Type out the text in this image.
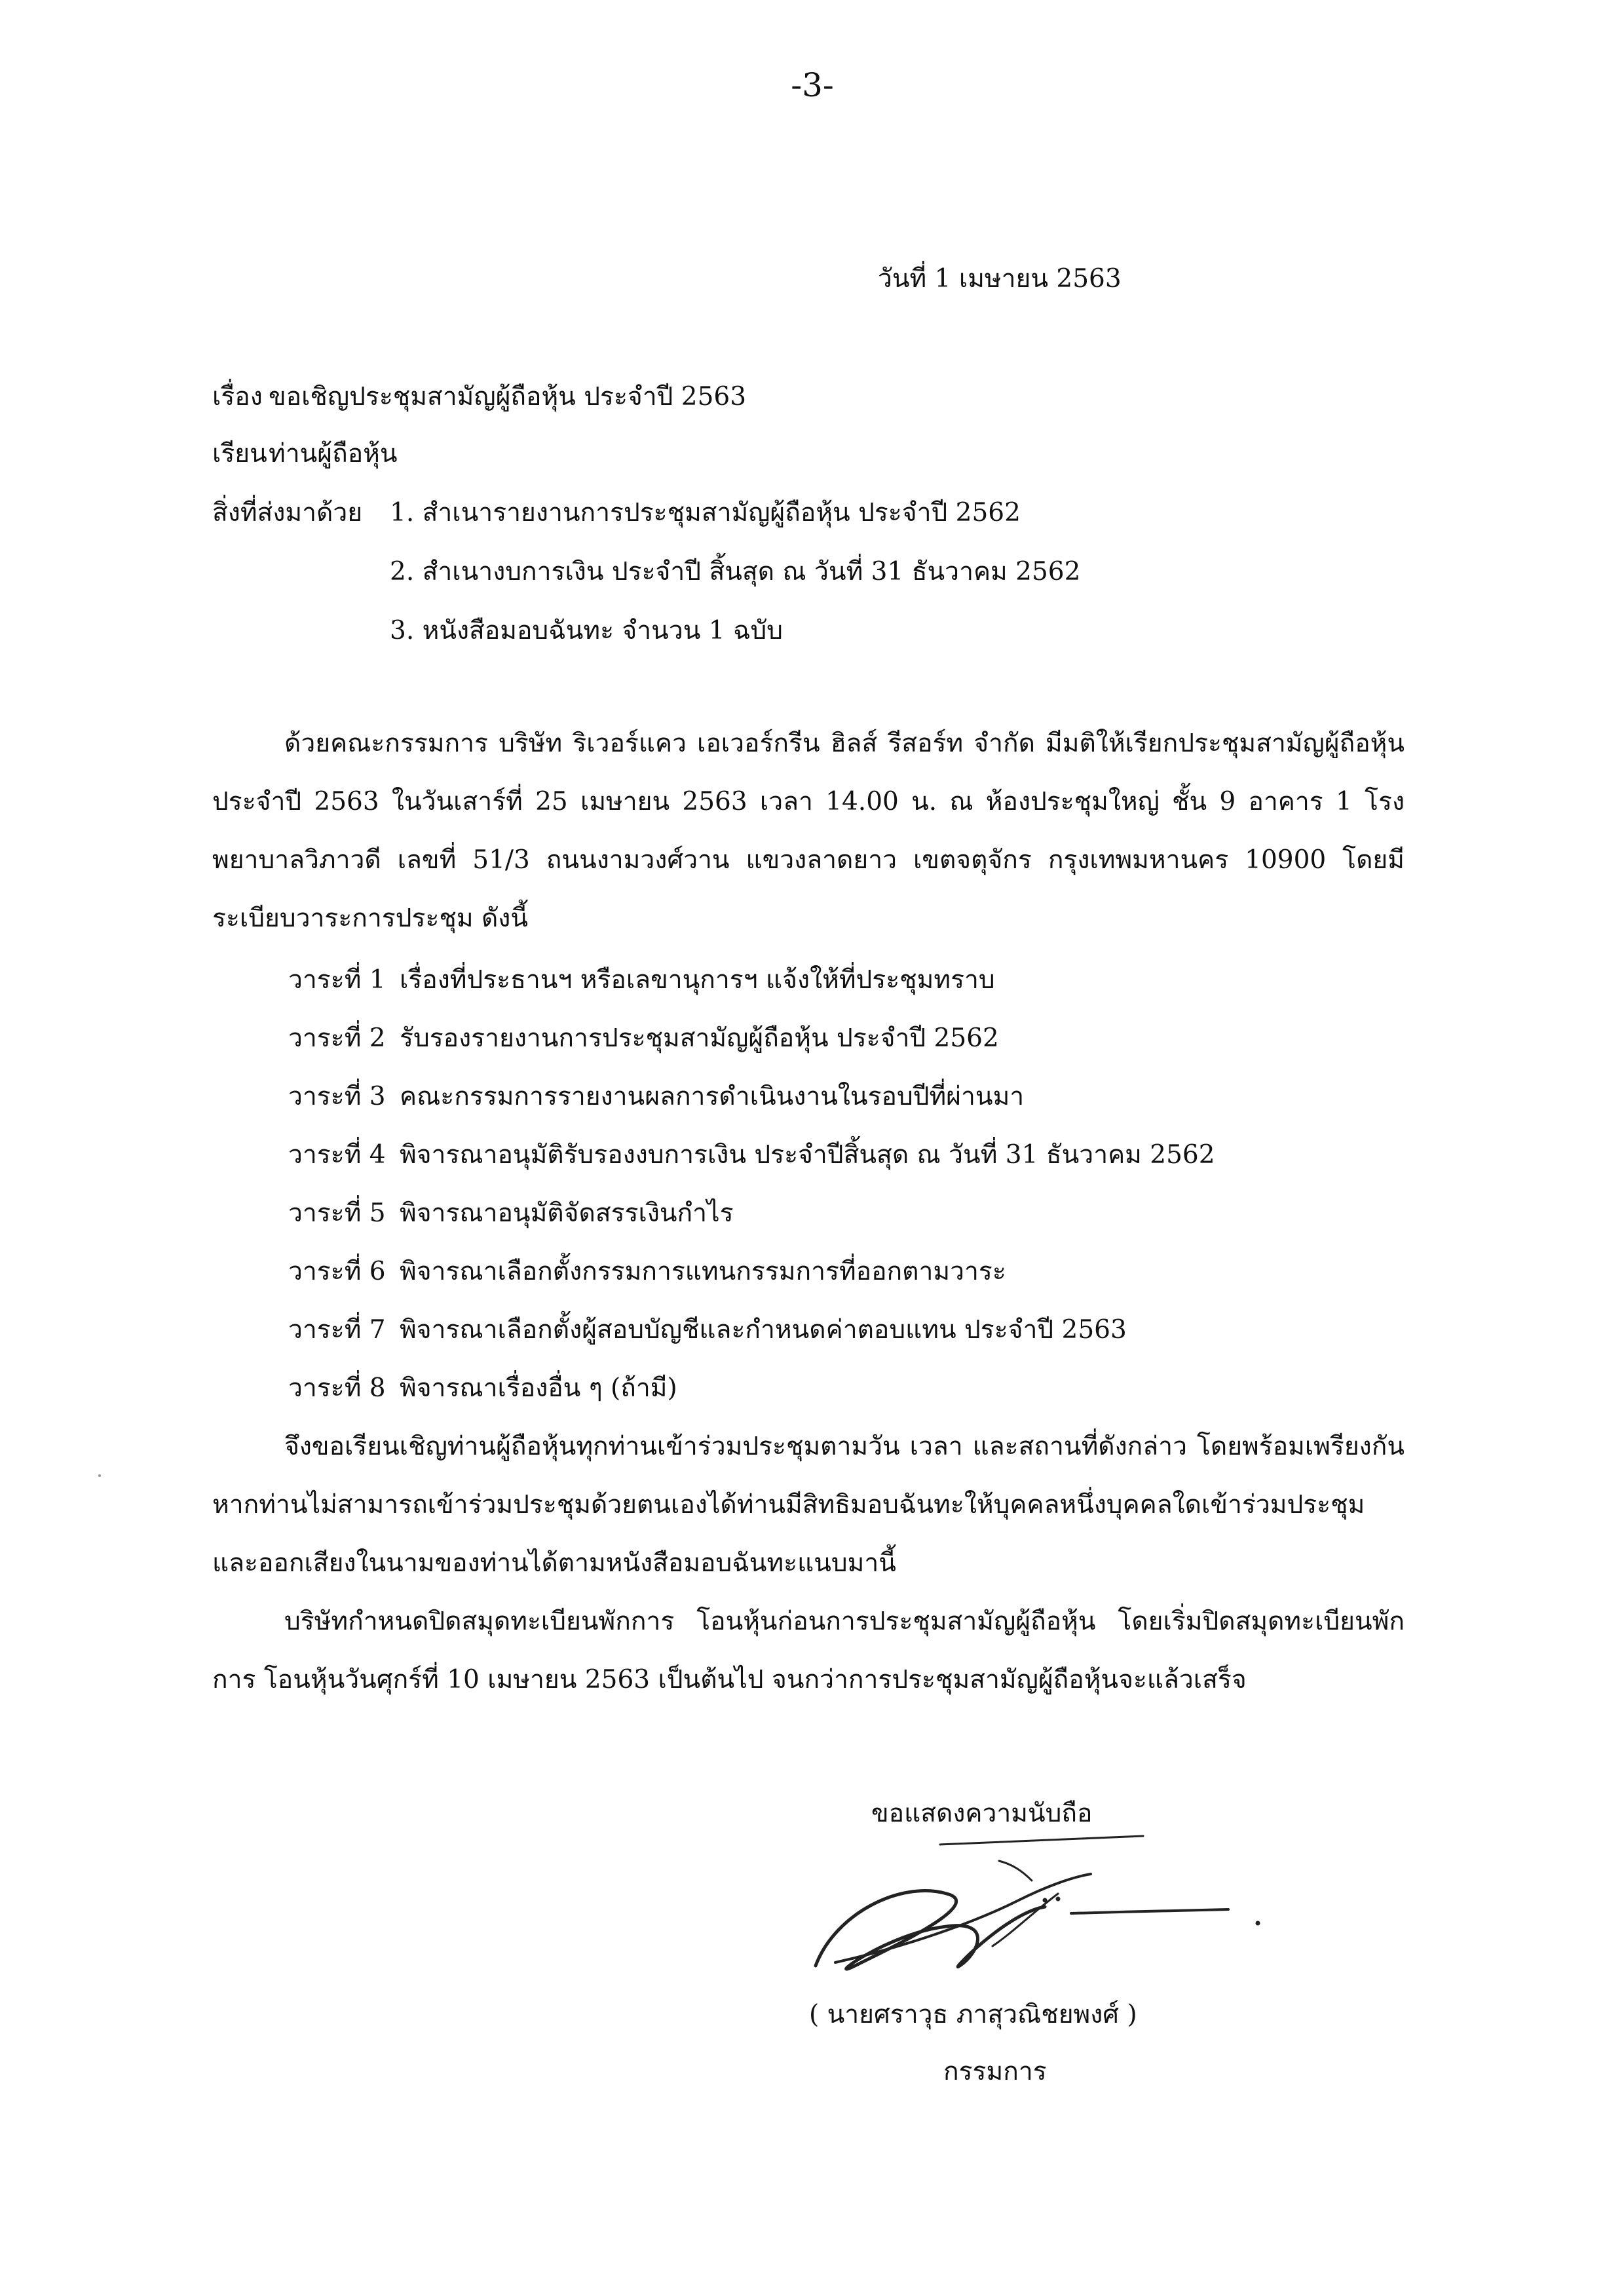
-3-
วันที่ 1 เมษายน 2563
เรื่อง ขอเชิญประชุมสามัญผู้ถือหุ้น ประจำปี 2563
เรียน ท่านผู้ถือหุ้น
สิ่งที่ส่งมาด้วย 1. สำเนารายงานการประชุมสามัญผู้ถือหุ้น ประจำปี 2562
2. สำเนางบการเงิน ประจำปี สิ้นสุด ณ วันที่ 31 ธันวาคม 2562
3. หนังสือมอบฉันทะ จำนวน 1 ฉบับ

ด้วยคณะกรรมการ บริษัท ริเวอร์แคว เอเวอร์กรีน ฮิลส์ รีสอร์ท จำกัด มีมติให้เรียกประชุมสามัญผู้ถือหุ้นประจำปี 2563 ในวันเสาร์ที่ 25 เมษายน 2563 เวลา 14.00 น. ณ ห้องประชุมใหญ่ ชั้น 9 อาคาร 1 โรงพยาบาลวิภาวดี เลขที่ 51/3 ถนนงามวงศ์วาน แขวงลาดยาว เขตจตุจักร กรุงเทพมหานคร 10900 โดยมีระเบียบวาระการประชุม ดังนี้

วาระที่ 1 เรื่องที่ประธานฯ หรือเลขานุการฯ แจ้งให้ที่ประชุมทราบ
วาระที่ 2 รับรองรายงานการประชุมสามัญผู้ถือหุ้น ประจำปี 2562
วาระที่ 3 คณะกรรมการรายงานผลการดำเนินงานในรอบปีที่ผ่านมา
วาระที่ 4 พิจารณาอนุมัติรับรองงบการเงิน ประจำปีสิ้นสุด ณ วันที่ 31 ธันวาคม 2562
วาระที่ 5 พิจารณาอนุมัติจัดสรรเงินกำไร
วาระที่ 6 พิจารณาเลือกตั้งกรรมการแทนกรรมการที่ออกตามวาระ
วาระที่ 7 พิจารณาเลือกตั้งผู้สอบบัญชีและกำหนดค่าตอบแทน ประจำปี 2563
วาระที่ 8 พิจารณาเรื่องอื่น ๆ (ถ้ามี)

จึงขอเรียนเชิญท่านผู้ถือหุ้นทุกท่านเข้าร่วมประชุมตามวัน เวลา และสถานที่ดังกล่าว โดยพร้อมเพรียงกัน หากท่านไม่สามารถเข้าร่วมประชุมด้วยตนเองได้ท่านมีสิทธิมอบฉันทะให้บุคคลหนึ่งบุคคลใดเข้าร่วมประชุมและออกเสียงในนามของท่านได้ตามหนังสือมอบฉันทะแนบมานี้

บริษัทกำหนดปิดสมุดทะเบียนพักการ โอนหุ้นก่อนการประชุมสามัญผู้ถือหุ้น โดยเริ่มปิดสมุดทะเบียนพักการ โอนหุ้นวันศุกร์ที่ 10 เมษายน 2563 เป็นต้นไป จนกว่าการประชุมสามัญผู้ถือหุ้นจะแล้วเสร็จ

ขอแสดงความนับถือ
( นายศราวุธ ภาสุวณิชยพงศ์ )
กรรมการ
